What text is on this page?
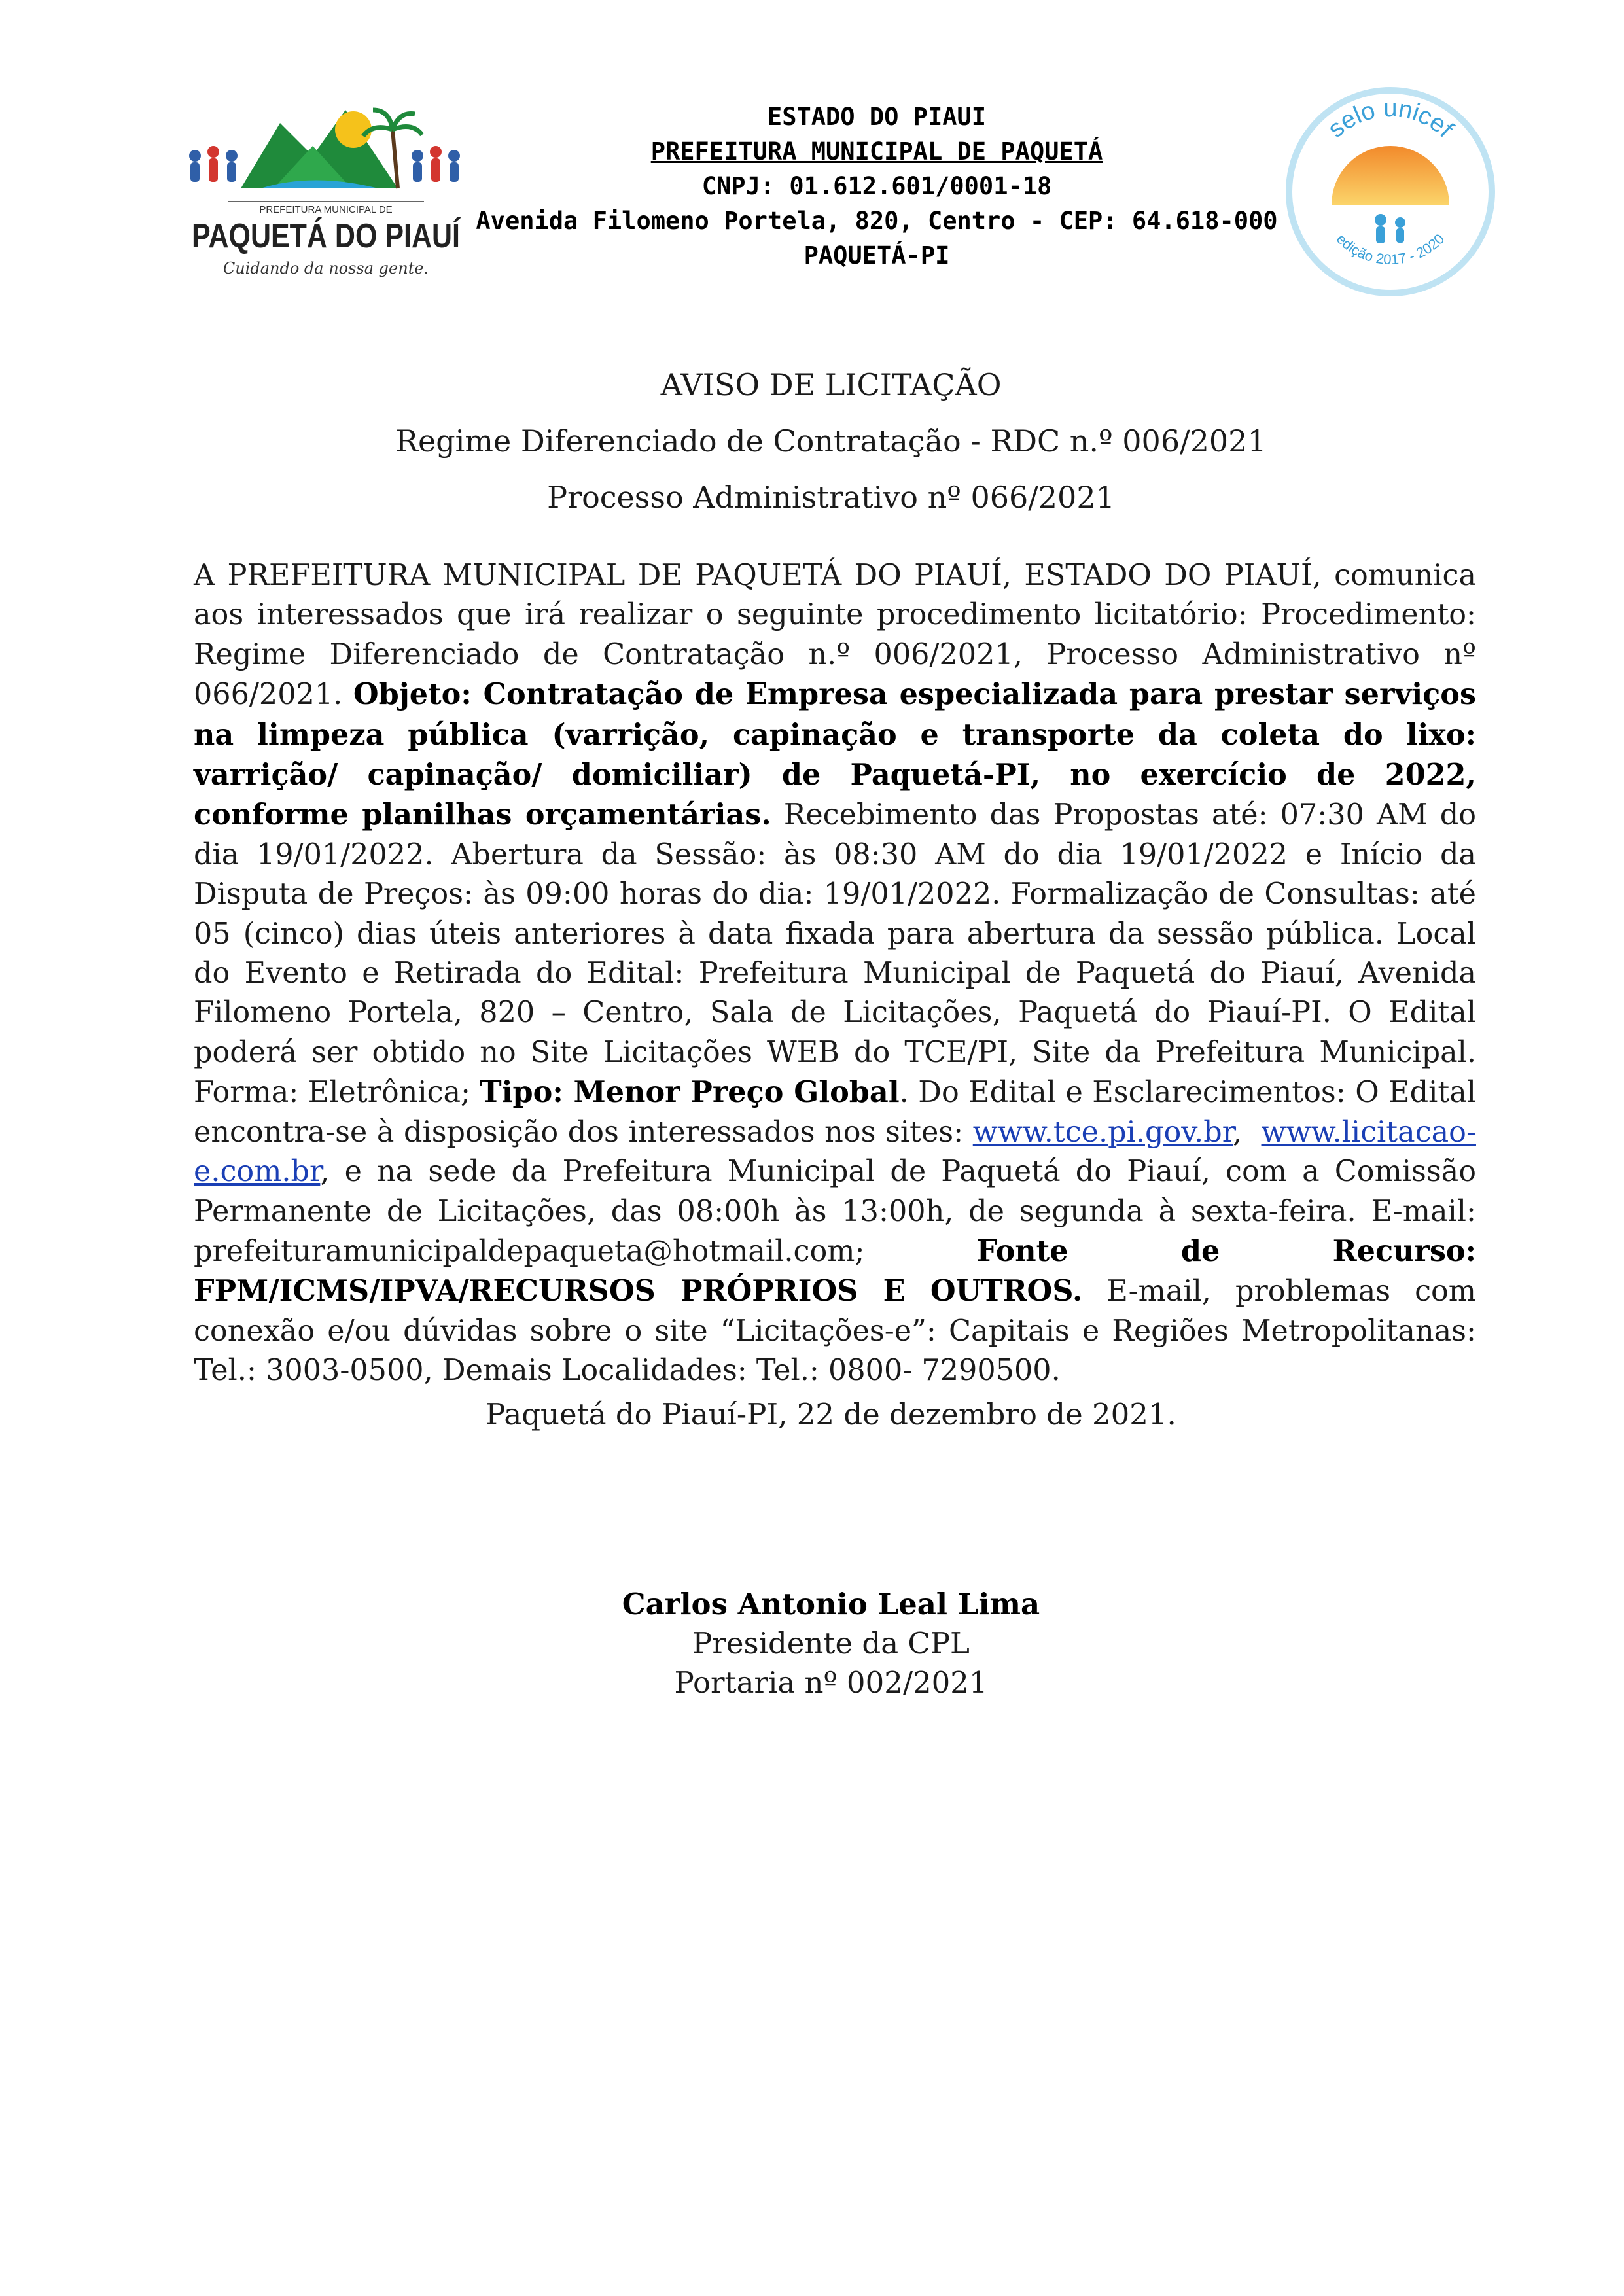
PREFEITURA MUNICIPAL DE
PAQUETÁ DO PIAUÍ
Cuidando da nossa gente.
ESTADO DO PIAUI
PREFEITURA MUNICIPAL DE PAQUETÁ
CNPJ: 01.612.601/0001-18
Avenida Filomeno Portela, 820, Centro - CEP: 64.618-000
PAQUETÁ-PI
selo unicef
edição 2017 - 2020
AVISO DE LICITAÇÃO
Regime Diferenciado de Contratação - RDC n.º 006/2021
Processo Administrativo nº 066/2021
A PREFEITURA MUNICIPAL DE PAQUETÁ DO PIAUÍ, ESTADO DO PIAUÍ, comunica aos interessados que irá realizar o seguinte procedimento licitatório: Procedimento: Regime Diferenciado de Contratação n.º 006/2021, Processo Administrativo nº 066/2021. Objeto: Contratação de Empresa especializada para prestar serviços na limpeza pública (varrição, capinação e transporte da coleta do lixo: varrição/ capinação/ domiciliar) de Paquetá-PI, no exercício de 2022, conforme planilhas orçamentárias. Recebimento das Propostas até: 07:30 AM do dia 19/01/2022. Abertura da Sessão: às 08:30 AM do dia 19/01/2022 e Início da Disputa de Preços: às 09:00 horas do dia: 19/01/2022. Formalização de Consultas: até 05 (cinco) dias úteis anteriores à data fixada para abertura da sessão pública. Local do Evento e Retirada do Edital: Prefeitura Municipal de Paquetá do Piauí, Avenida Filomeno Portela, 820 – Centro, Sala de Licitações, Paquetá do Piauí-PI. O Edital poderá ser obtido no Site Licitações WEB do TCE/PI, Site da Prefeitura Municipal. Forma: Eletrônica; Tipo: Menor Preço Global. Do Edital e Esclarecimentos: O Edital encontra-se à disposição dos interessados nos sites: www.tce.pi.gov.br,  www.licitacao-e.com.br, e na sede da Prefeitura Municipal de Paquetá do Piauí, com a Comissão Permanente de Licitações, das 08:00h às 13:00h, de segunda à sexta-feira. E-mail: prefeituramunicipaldepaqueta@hotmail.com;	Fonte de Recurso: FPM/ICMS/IPVA/RECURSOS PRÓPRIOS E OUTROS. E-mail, problemas com conexão e/ou dúvidas sobre o site “Licitações-e”: Capitais e Regiões Metropolitanas: Tel.: 3003-0500, Demais Localidades: Tel.: 0800- 7290500.
Paquetá do Piauí-PI, 22 de dezembro de 2021.
Carlos Antonio Leal Lima
Presidente da CPL
Portaria nº 002/2021
